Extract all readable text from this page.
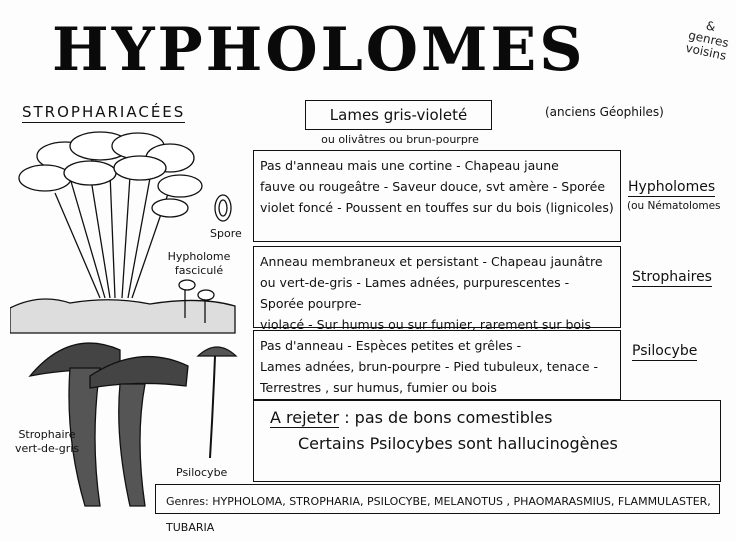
HYPHOLOMES	& genres voisins
STROPHARIACÉES	Lames gris-violeté
ou olivâtres ou brun-pourpre
(anciens Géophiles)
Spore
Hypholome fasciculé
Strophaire vert-de-gris
Psilocybe
Pas d'anneau mais une cortine - Chapeau jaune
fauve ou rougeâtre - Saveur douce, svt amère - Sporée
violet foncé - Poussent en touffes sur du bois (lignicoles)
Hypholomes
(ou Nématolomes
Anneau membraneux et persistant - Chapeau jaunâtre
ou vert-de-gris - Lames adnées, purpurescentes - Sporée pourpre-
violacé - Sur humus ou sur fumier, rarement sur bois
Strophaires
Pas d'anneau - Espèces petites et grêles -
Lames adnées, brun-pourpre - Pied tubuleux, tenace -
Terrestres , sur humus, fumier ou bois
Psilocybe
A rejeter : pas de bons comestibles
Certains Psilocybes sont hallucinogènes
Genres: HYPHOLOMA, STROPHARIA, PSILOCYBE, MELANOTUS , PHAOMARASMIUS, FLAMMULASTER, TUBARIA
